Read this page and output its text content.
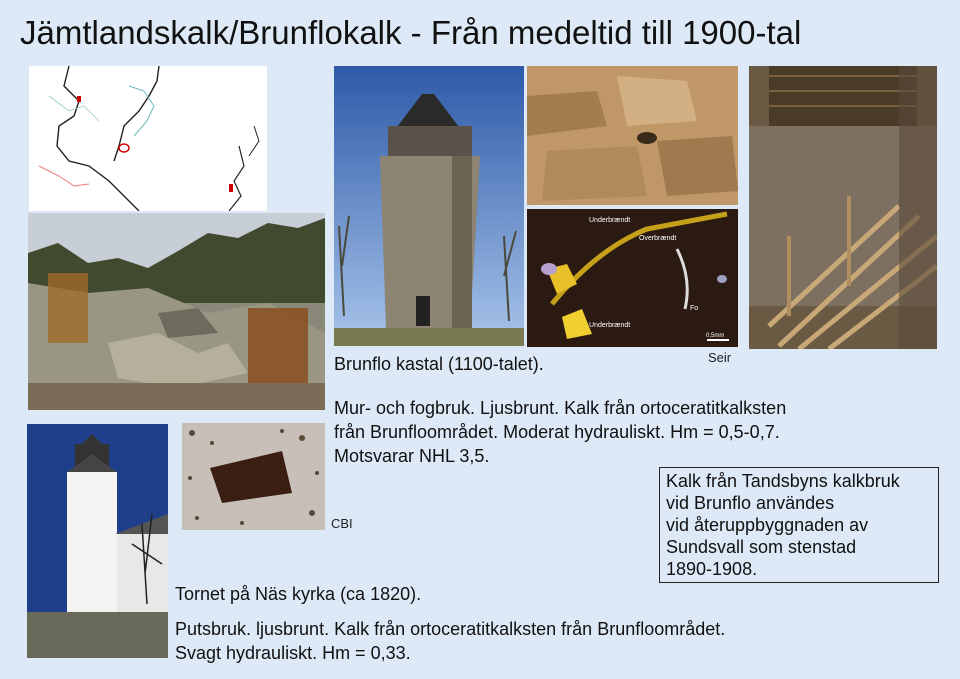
Jämtlandskalk/Brunflokalk - Från medeltid till 1900-tal
Underbrændt
Overbrændt
Underbrændt
Fo
0,5mm
Brunflo kastal (1100-talet).	Seir
Mur- och fogbruk. Ljusbrunt. Kalk från ortoceratitkalksten
från Brunfloområdet. Moderat hydrauliskt. Hm = 0,5-0,7.
Motsvarar NHL 3,5.
CBI
Kalk från Tandsbyns kalkbruk
vid Brunflo användes
vid återuppbyggnaden av
Sundsvall som stenstad
1890-1908.
Tornet på Näs kyrka (ca 1820).
Putsbruk. ljusbrunt. Kalk från ortoceratitkalksten från Brunfloområdet.
Svagt hydrauliskt. Hm = 0,33.
